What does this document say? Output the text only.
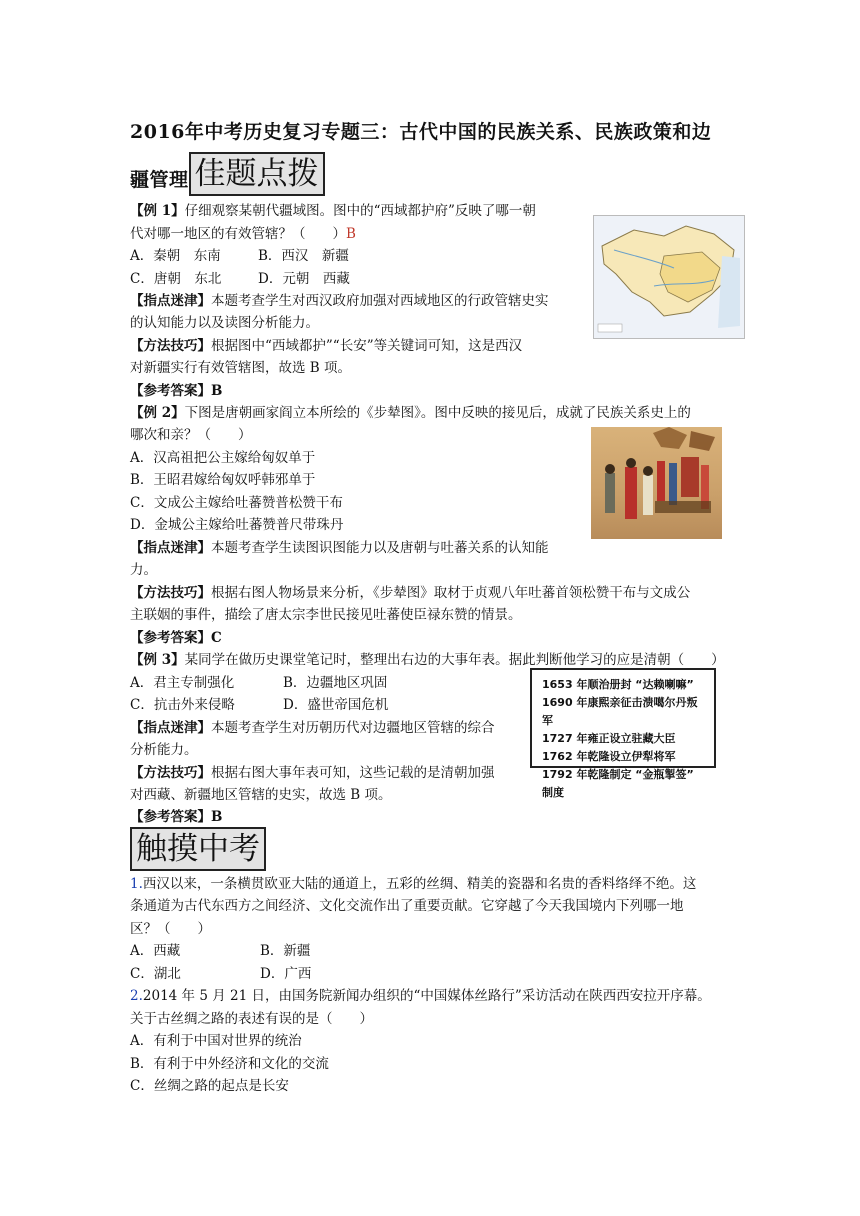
2016年中考历史复习专题三：古代中国的民族关系、民族政策和边
疆管理 佳题点拨
【例 1】仔细观察某朝代疆域图。图中的“西域都护府”反映了哪一朝
代对哪一地区的有效管辖？（　　）B
A．秦朝　东南	B．西汉　新疆
C．唐朝　东北	D．元朝　西藏
【指点迷津】本题考查学生对西汉政府加强对西域地区的行政管辖史实
的认知能力以及读图分析能力。
【方法技巧】根据图中“西域都护”“长安”等关键词可知，这是西汉
对新疆实行有效管辖图，故选 B 项。
【参考答案】B
【例 2】下图是唐朝画家阎立本所绘的《步辇图》。图中反映的接见后，成就了民族关系史上的
哪次和亲？（　　）
A．汉高祖把公主嫁给匈奴单于
B．王昭君嫁给匈奴呼韩邪单于
C．文成公主嫁给吐蕃赞普松赞干布
D．金城公主嫁给吐蕃赞普尺带珠丹
【指点迷津】本题考查学生读图识图能力以及唐朝与吐蕃关系的认知能
力。
【方法技巧】根据右图人物场景来分析，《步辇图》取材于贞观八年吐蕃首领松赞干布与文成公
主联姻的事件，描绘了唐太宗李世民接见吐蕃使臣禄东赞的情景。
【参考答案】C
【例 3】某同学在做历史课堂笔记时，整理出右边的大事年表。据此判断他学习的应是清朝（　　）
A．君主专制强化	B．边疆地区巩固
C．抗击外来侵略	D．盛世帝国危机
【指点迷津】本题考查学生对历朝历代对边疆地区管辖的综合
分析能力。
【方法技巧】根据右图大事年表可知，这些记载的是清朝加强
对西藏、新疆地区管辖的史实，故选 B 项。
【参考答案】B
1653 年顺治册封 “达赖喇嘛”
1690 年康熙亲征击溃噶尔丹叛军
1727 年雍正设立驻藏大臣
1762 年乾隆设立伊犁将军
1792 年乾隆制定 “金瓶掣签” 制度
触摸中考
1.西汉以来，一条横贯欧亚大陆的通道上，五彩的丝绸、精美的瓷器和名贵的香料络绎不绝。这
条通道为古代东西方之间经济、文化交流作出了重要贡献。它穿越了今天我国境内下列哪一地
区？（　　）
A．西藏	B．新疆
C．湖北	D．广西
2.2014 年 5 月 21 日，由国务院新闻办组织的“中国媒体丝路行”采访活动在陕西西安拉开序幕。
关于古丝绸之路的表述有误的是（　　）
A．有利于中国对世界的统治
B．有利于中外经济和文化的交流
C．丝绸之路的起点是长安
